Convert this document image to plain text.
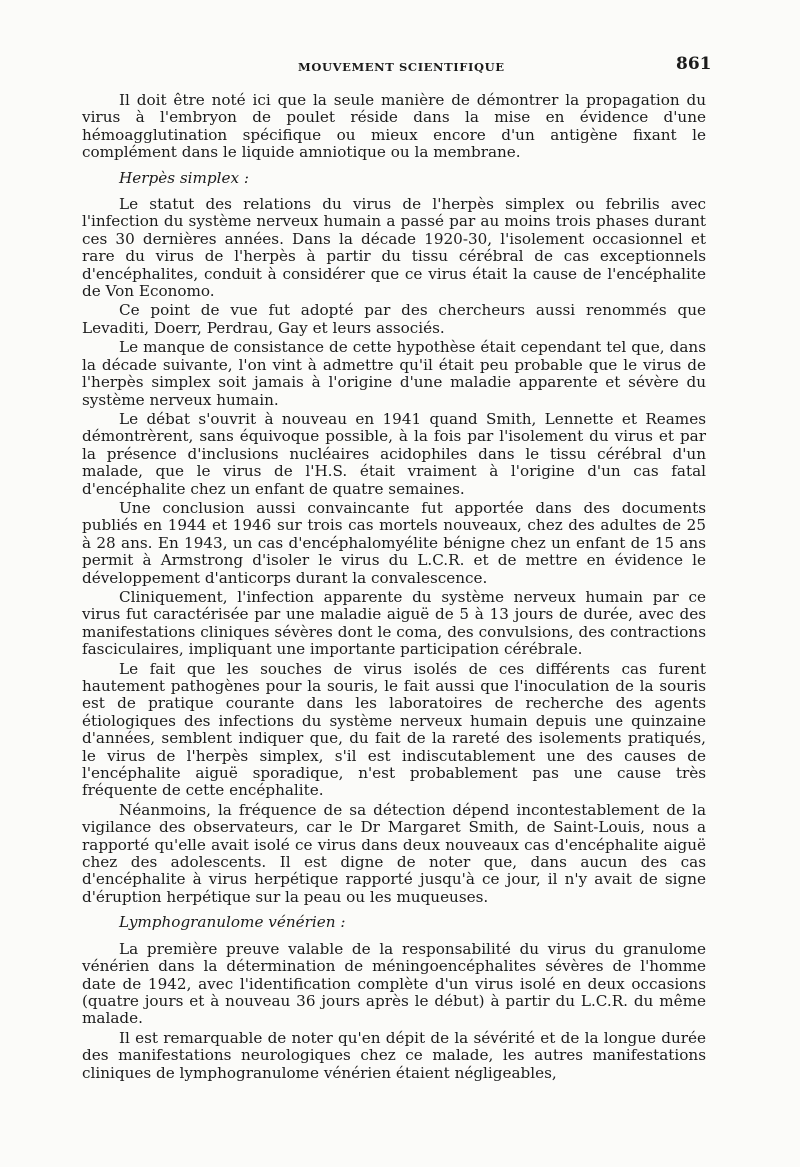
MOUVEMENT SCIENTIFIQUE	861

Il doit être noté ici que la seule manière de démontrer la propagation du virus à l'embryon de poulet réside dans la mise en évidence d'une hémoagglutination spécifique ou mieux encore d'un antigène fixant le complément dans le liquide amniotique ou la membrane.

Herpès simplex :

Le statut des relations du virus de l'herpès simplex ou febrilis avec l'infection du système nerveux humain a passé par au moins trois phases durant ces 30 dernières années. Dans la décade 1920-30, l'isolement occasionnel et rare du virus de l'herpès à partir du tissu cérébral de cas exceptionnels d'encéphalites, conduit à considérer que ce virus était la cause de l'encéphalite de Von Economo.

Ce point de vue fut adopté par des chercheurs aussi renommés que Levaditi, Doerr, Perdrau, Gay et leurs associés.

Le manque de consistance de cette hypothèse était cependant tel que, dans la décade suivante, l'on vint à admettre qu'il était peu probable que le virus de l'herpès simplex soit jamais à l'origine d'une maladie apparente et sévère du système nerveux humain.

Le débat s'ouvrit à nouveau en 1941 quand Smith, Lennette et Reames démontrèrent, sans équivoque possible, à la fois par l'isolement du virus et par la présence d'inclusions nucléaires acidophiles dans le tissu cérébral d'un malade, que le virus de l'H.S. était vraiment à l'origine d'un cas fatal d'encéphalite chez un enfant de quatre semaines.

Une conclusion aussi convaincante fut apportée dans des documents publiés en 1944 et 1946 sur trois cas mortels nouveaux, chez des adultes de 25 à 28 ans. En 1943, un cas d'encéphalomyélite bénigne chez un enfant de 15 ans permit à Armstrong d'isoler le virus du L.C.R. et de mettre en évidence le développement d'anticorps durant la convalescence.

Cliniquement, l'infection apparente du système nerveux humain par ce virus fut caractérisée par une maladie aiguë de 5 à 13 jours de durée, avec des manifestations cliniques sévères dont le coma, des convulsions, des contractions fasciculaires, impliquant une importante participation cérébrale.

Le fait que les souches de virus isolés de ces différents cas furent hautement pathogènes pour la souris, le fait aussi que l'inoculation de la souris est de pratique courante dans les laboratoires de recherche des agents étiologiques des infections du système nerveux humain depuis une quinzaine d'années, semblent indiquer que, du fait de la rareté des isolements pratiqués, le virus de l'herpès simplex, s'il est indiscutablement une des causes de l'encéphalite aiguë sporadique, n'est probablement pas une cause très fréquente de cette encéphalite.

Néanmoins, la fréquence de sa détection dépend incontestablement de la vigilance des observateurs, car le Dr Margaret Smith, de Saint-Louis, nous a rapporté qu'elle avait isolé ce virus dans deux nouveaux cas d'encéphalite aiguë chez des adolescents. Il est digne de noter que, dans aucun des cas d'encéphalite à virus herpétique rapporté jusqu'à ce jour, il n'y avait de signe d'éruption herpétique sur la peau ou les muqueuses.

Lymphogranulome vénérien :

La première preuve valable de la responsabilité du virus du granulome vénérien dans la détermination de méningoencéphalites sévères de l'homme date de 1942, avec l'identification complète d'un virus isolé en deux occasions (quatre jours et à nouveau 36 jours après le début) à partir du L.C.R. du même malade.

Il est remarquable de noter qu'en dépit de la sévérité et de la longue durée des manifestations neurologiques chez ce malade, les autres manifestations cliniques de lymphogranulome vénérien étaient négligeables,
